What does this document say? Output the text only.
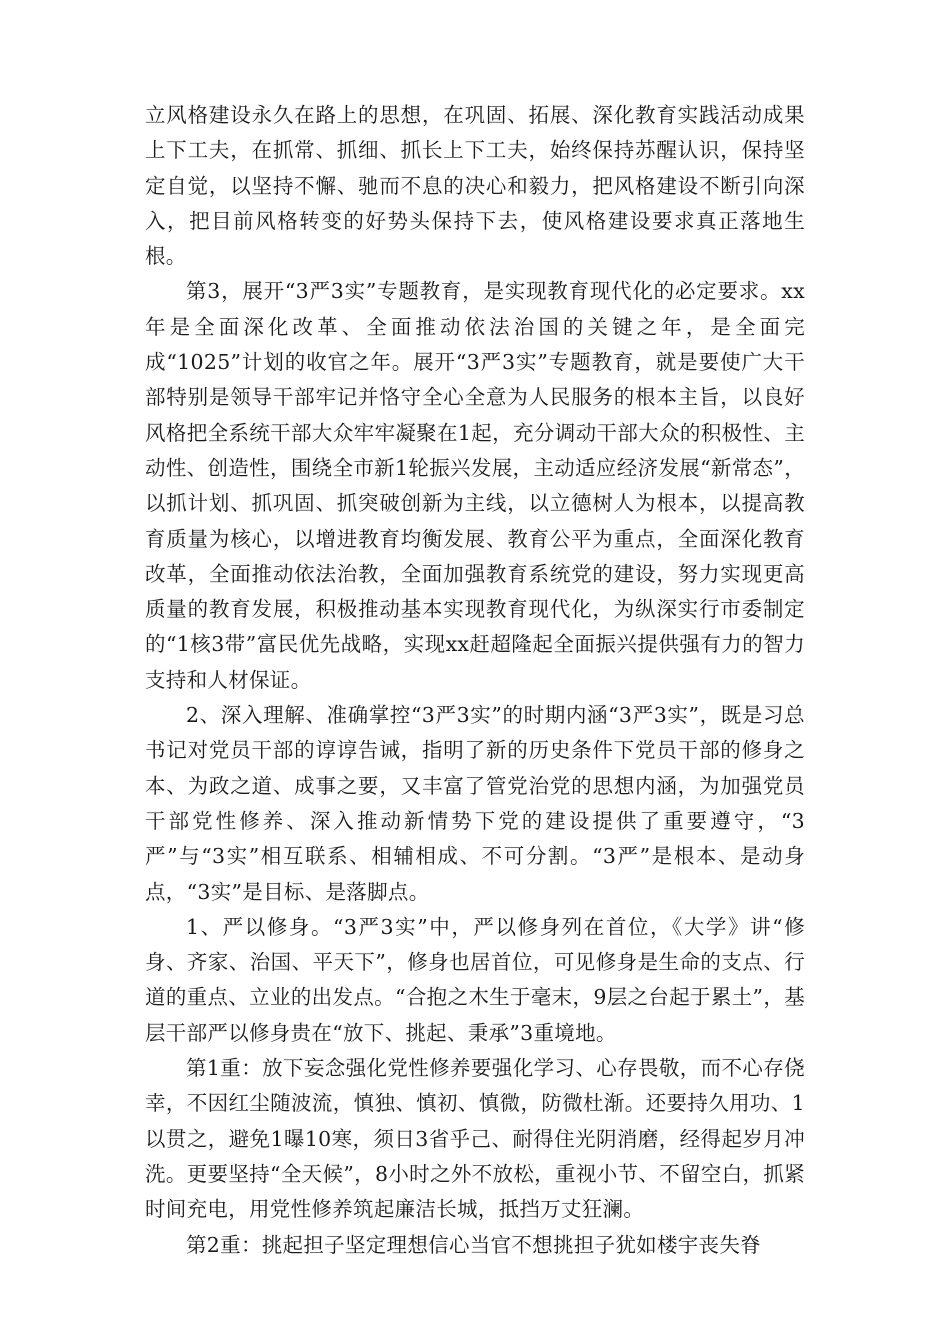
立风格建设永久在路上的思想，在巩固、拓展、深化教育实践活动成果上下工夫，在抓常、抓细、抓长上下工夫，始终保持苏醒认识，保持坚定自觉，以坚持不懈、驰而不息的决心和毅力，把风格建设不断引向深入，把目前风格转变的好势头保持下去，使风格建设要求真正落地生根。

第3，展开“3严3实”专题教育，是实现教育现代化的必定要求。xx年是全面深化改革、全面推动依法治国的关键之年，是全面完成“1025”计划的收官之年。展开“3严3实”专题教育，就是要使广大干部特别是领导干部牢记并恪守全心全意为人民服务的根本主旨，以良好风格把全系统干部大众牢牢凝聚在1起，充分调动干部大众的积极性、主动性、创造性，围绕全市新1轮振兴发展，主动适应经济发展“新常态”，以抓计划、抓巩固、抓突破创新为主线，以立德树人为根本，以提高教育质量为核心，以增进教育均衡发展、教育公平为重点，全面深化教育改革，全面推动依法治教，全面加强教育系统党的建设，努力实现更高质量的教育发展，积极推动基本实现教育现代化，为纵深实行市委制定的“1核3带”富民优先战略，实现xx赶超隆起全面振兴提供强有力的智力支持和人材保证。

2、深入理解、准确掌控“3严3实”的时期内涵“3严3实”，既是习总书记对党员干部的谆谆告诫，指明了新的历史条件下党员干部的修身之本、为政之道、成事之要，又丰富了管党治党的思想内涵，为加强党员干部党性修养、深入推动新情势下党的建设提供了重要遵守，“3严”与“3实”相互联系、相辅相成、不可分割。“3严”是根本、是动身点，“3实”是目标、是落脚点。

1、严以修身。“3严3实”中，严以修身列在首位，《大学》讲“修身、齐家、治国、平天下”，修身也居首位，可见修身是生命的支点、行道的重点、立业的出发点。“合抱之木生于毫末，9层之台起于累土”，基层干部严以修身贵在“放下、挑起、秉承”3重境地。

第1重：放下妄念强化党性修养要强化学习、心存畏敬，而不心存侥幸，不因红尘随波流，慎独、慎初、慎微，防微杜渐。还要持久用功、1以贯之，避免1曝10寒，须日3省乎己、耐得住光阴消磨，经得起岁月冲洗。更要坚持“全天候”，8小时之外不放松，重视小节、不留空白，抓紧时间充电，用党性修养筑起廉洁长城，抵挡万丈狂澜。

第2重：挑起担子坚定理想信心当官不想挑担子犹如楼宇丧失脊
